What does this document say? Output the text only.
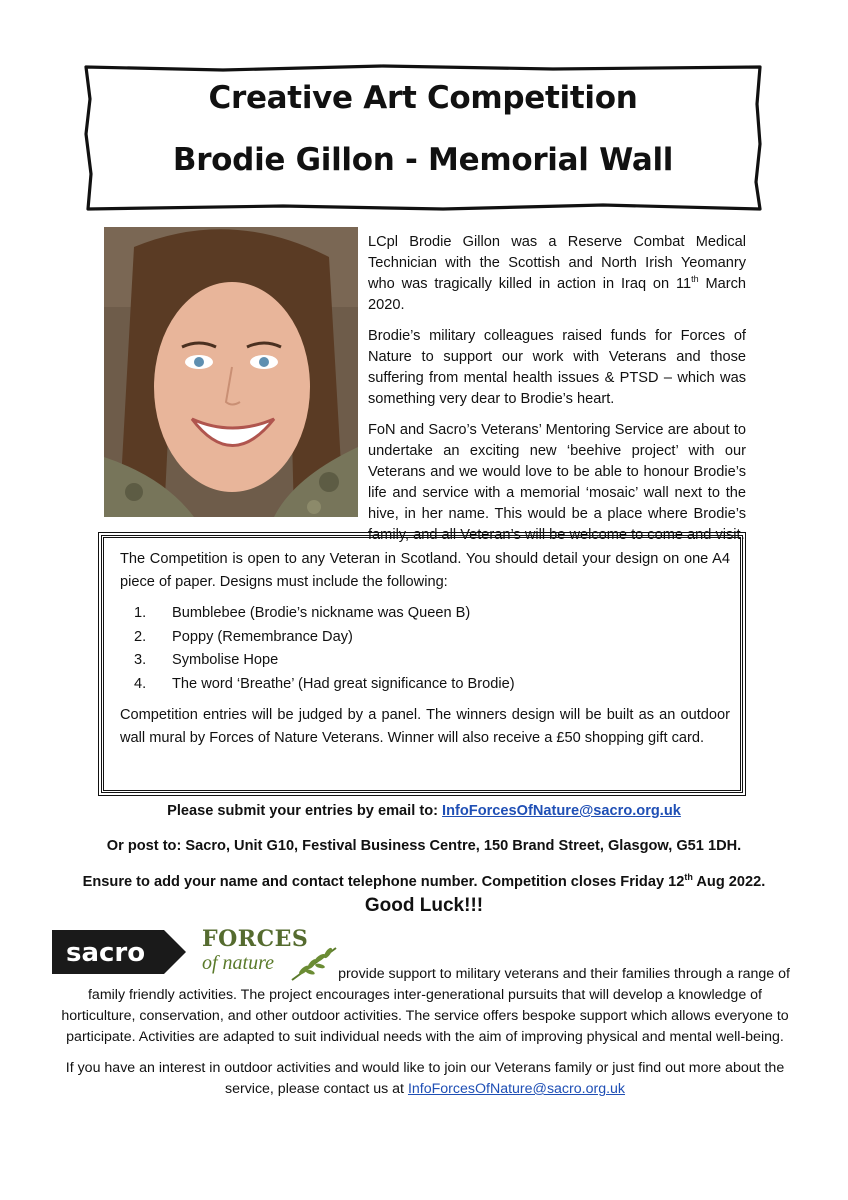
Creative Art Competition
Brodie Gillon - Memorial Wall

LCpl Brodie Gillon was a Reserve Combat Medical Technician with the Scottish and North Irish Yeomanry who was tragically killed in action in Iraq on 11th March 2020.

Brodie’s military colleagues raised funds for Forces of Nature to support our work with Veterans and those suffering from mental health issues & PTSD – which was something very dear to Brodie’s heart.

FoN and Sacro’s Veterans’ Mentoring Service are about to undertake an exciting new ‘beehive project’ with our Veterans and we would love to be able to honour Brodie’s life and service with a memorial ‘mosaic’ wall next to the hive, in her name. This would be a place where Brodie’s family, and all Veteran’s will be welcome to come and visit.

The Competition is open to any Veteran in Scotland. You should detail your design on one A4 piece of paper. Designs must include the following:

1. Bumblebee (Brodie’s nickname was Queen B)
2. Poppy (Remembrance Day)
3. Symbolise Hope
4. The word ‘Breathe’ (Had great significance to Brodie)

Competition entries will be judged by a panel. The winners design will be built as an outdoor wall mural by Forces of Nature Veterans. Winner will also receive a £50 shopping gift card.

Please submit your entries by email to: InfoForcesOfNature@sacro.org.uk
Or post to: Sacro, Unit G10, Festival Business Centre, 150 Brand Street, Glasgow, G51 1DH.
Ensure to add your name and contact telephone number. Competition closes Friday 12th Aug 2022.
Good Luck!!!
sacro	FORCES
of nature	provide support to military veterans and their families through a range of family friendly activities. The project encourages inter-generational pursuits that will develop a knowledge of horticulture, conservation, and other outdoor activities. The service offers bespoke support which allows everyone to participate. Activities are adapted to suit individual needs with the aim of improving physical and mental well-being.
If you have an interest in outdoor activities and would like to join our Veterans family or just find out more about the service, please contact us at InfoForcesOfNature@sacro.org.uk
